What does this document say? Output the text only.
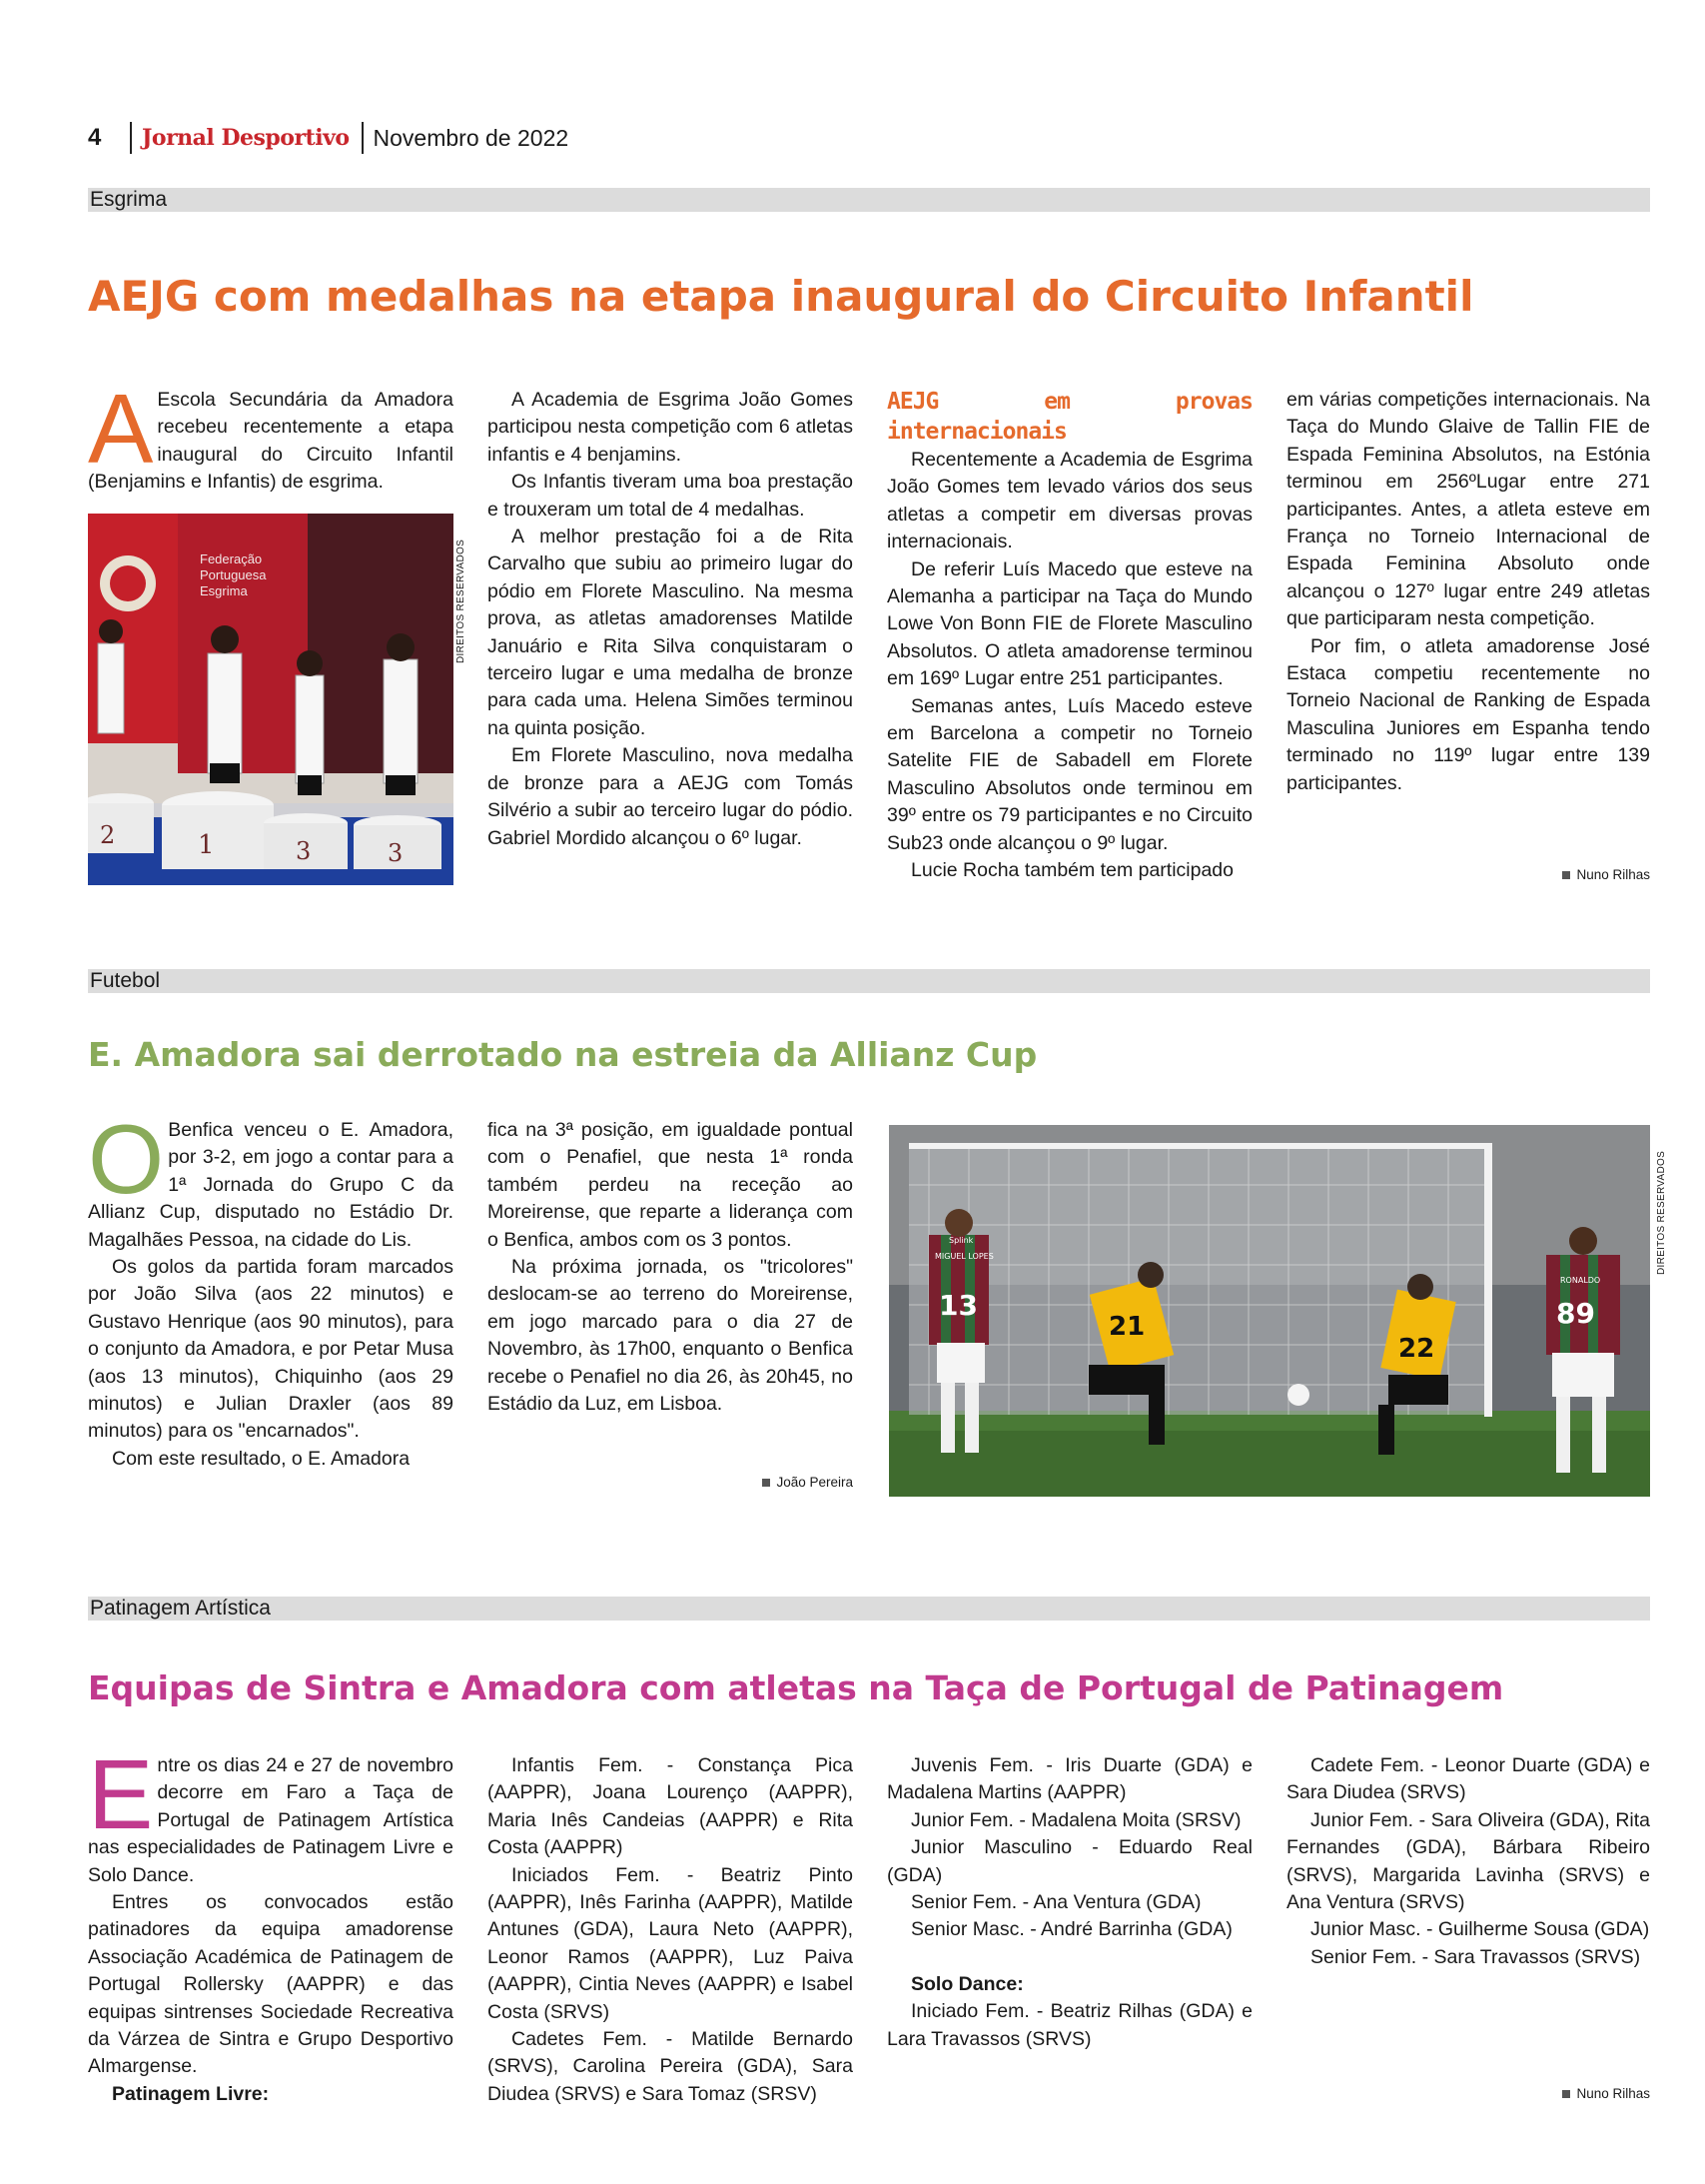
4	Jornal Desportivo Novembro de 2022
Esgrima
AEJG com medalhas na etapa inaugural do Circuito Infantil
A Escola Secundária da Amadora recebeu recentemente a etapa inaugural do Circuito Infantil (Benjamins e Infantis) de esgrima.

Federação
Portuguesa
Esgrima
2	1	3	3
DIREITOS RESERVADOS

A Academia de Esgrima João Gomes participou nesta competição com 6 atletas infantis e 4 benjamins.

Os Infantis tiveram uma boa prestação e trouxeram um total de 4 medalhas.

A melhor prestação foi a de Rita Carvalho que subiu ao primeiro lugar do pódio em Florete Masculino. Na mesma prova, as atletas amadorenses Matilde Januário e Rita Silva conquistaram o terceiro lugar e uma medalha de bronze para cada uma. Helena Simões terminou na quinta posição.

Em Florete Masculino, nova medalha de bronze para a AEJG com Tomás Silvério a subir ao terceiro lugar do pódio. Gabriel Mordido alcançou o 6º lugar.

AEJG em provas internacionais

Recentemente a Academia de Esgrima João Gomes tem levado vários dos seus atletas a competir em diversas provas internacionais.

De referir Luís Macedo que esteve na Alemanha a participar na Taça do Mundo Lowe Von Bonn FIE de Florete Masculino Absolutos. O atleta amadorense terminou em 169º Lugar entre 251 participantes.

Semanas antes, Luís Macedo esteve em Barcelona a competir no Torneio Satelite FIE de Sabadell em Florete Masculino Absolutos onde terminou em 39º entre os 79 participantes e no Circuito Sub23 onde alcançou o 9º lugar.

Lucie Rocha também tem participado

em várias competições internacionais. Na Taça do Mundo Glaive de Tallin FIE de Espada Feminina Absolutos, na Estónia terminou em 256ºLugar entre 271 participantes. Antes, a atleta esteve em França no Torneio Internacional de Espada Feminina Absoluto onde alcançou o 127º lugar entre 249 atletas que participaram nesta competição.

Por fim, o atleta amadorense José Estaca competiu recentemente no Torneio Nacional de Ranking de Espada Masculina Juniores em Espanha tendo terminado no 119º lugar entre 139 participantes.

Nuno Rilhas
Futebol
E. Amadora sai derrotado na estreia da Allianz Cup
O Benfica venceu o E. Amadora, por 3-2, em jogo a contar para a 1ª Jornada do Grupo C da Allianz Cup, disputado no Estádio Dr. Magalhães Pessoa, na cidade do Lis.

Os golos da partida foram marcados por João Silva (aos 22 minutos) e Gustavo Henrique (aos 90 minutos), para o conjunto da Amadora, e por Petar Musa (aos 13 minutos), Chiquinho (aos 29 minutos) e Julian Draxler (aos 89 minutos) para os "encarnados".

Com este resultado, o E. Amadora

fica na 3ª posição, em igualdade pontual com o Penafiel, que nesta 1ª ronda também perdeu na receção ao Moreirense, que reparte a liderança com o Benfica, ambos com os 3 pontos.

Na próxima jornada, os "tricolores" deslocam-se ao terreno do Moreirense, em jogo marcado para o dia 27 de Novembro, às 17h00, enquanto o Benfica recebe o Penafiel no dia 26, às 20h45, no Estádio da Luz, em Lisboa.

João Pereira
13
MIGUEL LOPES
Splink
21
22
89
RONALDO
DIREITOS RESERVADOS
Patinagem Artística
Equipas de Sintra e Amadora com atletas na Taça de Portugal de Patinagem
E ntre os dias 24 e 27 de novembro decorre em Faro a Taça de Portugal de Patinagem Artística nas especialidades de Patinagem Livre e Solo Dance.

Entres os convocados estão patinadores da equipa amadorense Associação Académica de Patinagem de Portugal Rollersky (AAPPR) e das equipas sintrenses Sociedade Recreativa da Várzea de Sintra e Grupo Desportivo Almargense.

Patinagem Livre:

Infantis Fem. - Constança Pica (AAPPR), Joana Lourenço (AAPPR), Maria Inês Candeias (AAPPR) e Rita Costa (AAPPR)

Iniciados Fem. - Beatriz Pinto (AAPPR), Inês Farinha (AAPPR), Matilde Antunes (GDA), Laura Neto (AAPPR), Leonor Ramos (AAPPR), Luz Paiva (AAPPR), Cintia Neves (AAPPR) e Isabel Costa (SRVS)

Cadetes Fem. - Matilde Bernardo (SRVS), Carolina Pereira (GDA), Sara Diudea (SRVS) e Sara Tomaz (SRSV)

Juvenis Fem. - Iris Duarte (GDA) e Madalena Martins (AAPPR)

Junior Fem. - Madalena Moita (SRSV)

Junior Masculino - Eduardo Real (GDA)

Senior Fem. - Ana Ventura (GDA)

Senior Masc. - André Barrinha (GDA)

Solo Dance:

Iniciado Fem. - Beatriz Rilhas (GDA) e Lara Travassos (SRVS)

Cadete Fem. - Leonor Duarte (GDA) e Sara Diudea (SRVS)

Junior Fem. - Sara Oliveira (GDA), Rita Fernandes (GDA), Bárbara Ribeiro (SRVS), Margarida Lavinha (SRVS) e Ana Ventura (SRVS)

Junior Masc. - Guilherme Sousa (GDA)

Senior Fem. - Sara Travassos (SRVS)

Nuno Rilhas
